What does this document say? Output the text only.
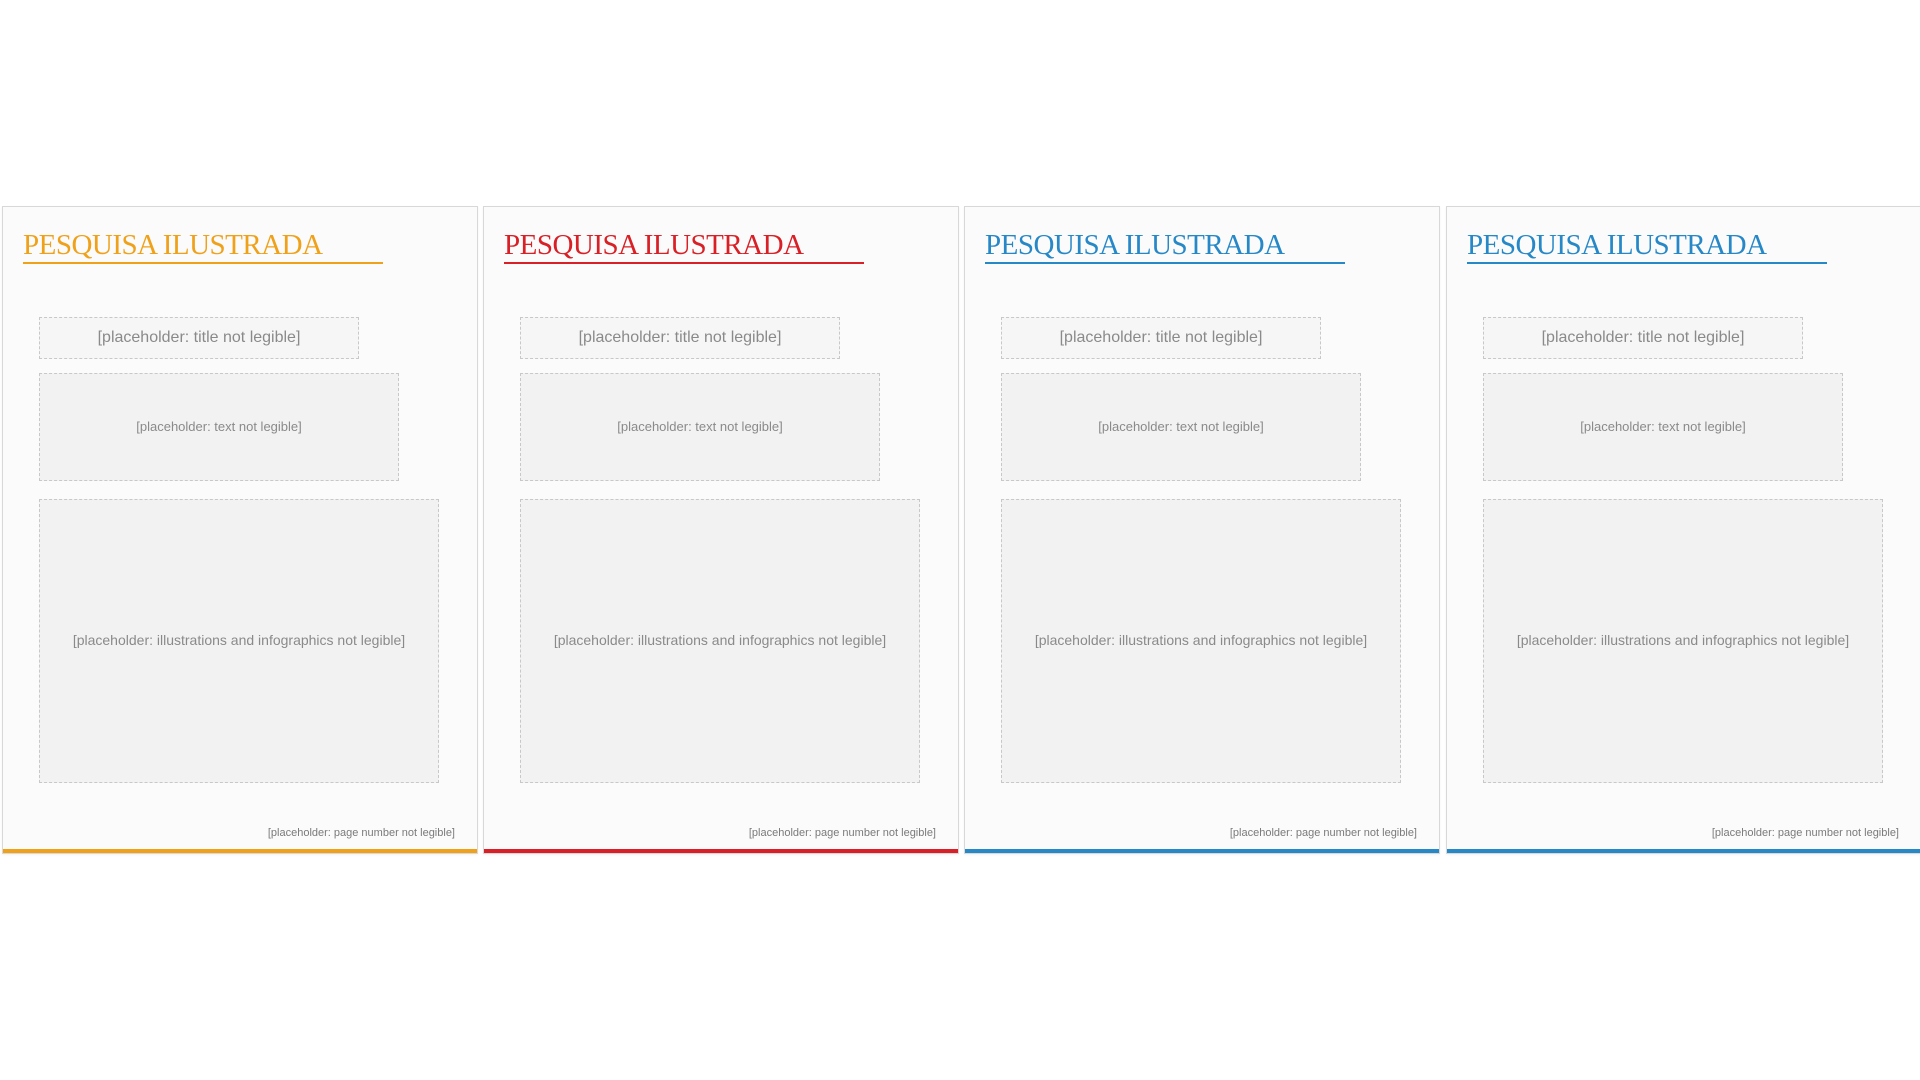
PESQUISA ILUSTRADA
[placeholder: title not legible]
[placeholder: text not legible]
[placeholder: illustrations and infographics not legible]
[placeholder: page number not legible]
PESQUISA ILUSTRADA
[placeholder: title not legible]
[placeholder: text not legible]
[placeholder: illustrations and infographics not legible]
[placeholder: page number not legible]
PESQUISA ILUSTRADA
[placeholder: title not legible]
[placeholder: text not legible]
[placeholder: illustrations and infographics not legible]
[placeholder: page number not legible]
PESQUISA ILUSTRADA
[placeholder: title not legible]
[placeholder: text not legible]
[placeholder: illustrations and infographics not legible]
[placeholder: page number not legible]
